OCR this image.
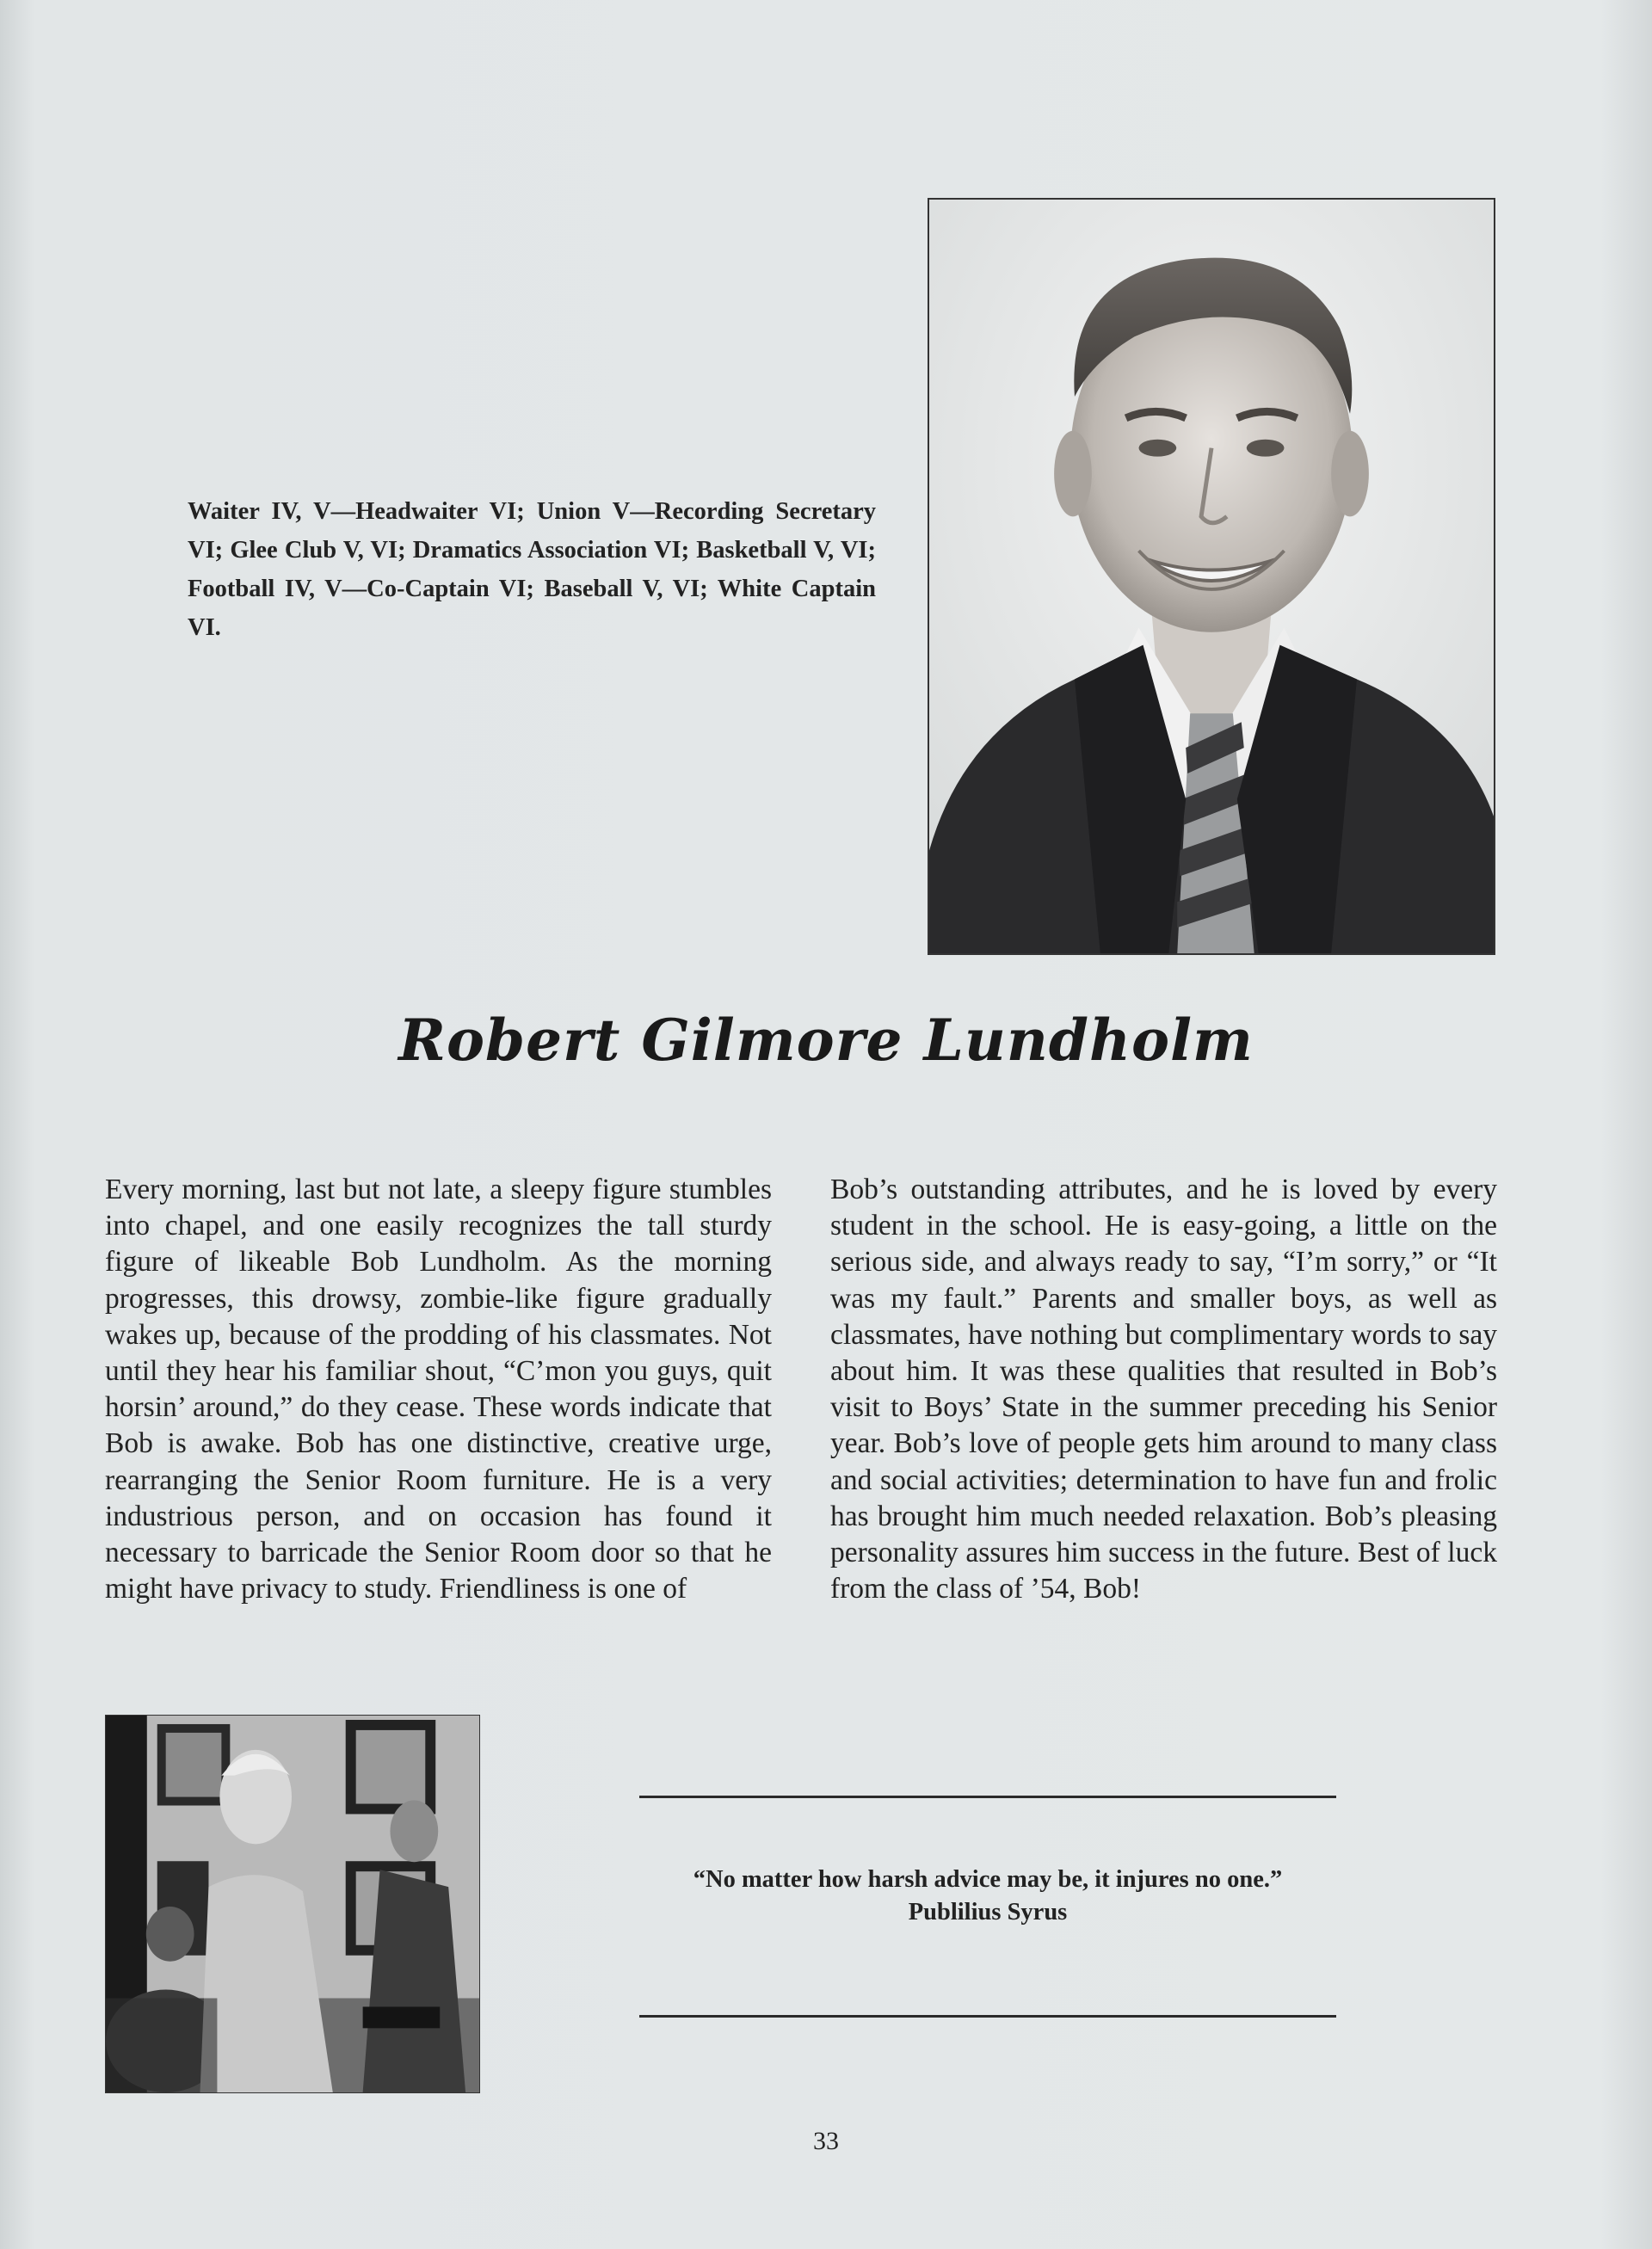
Waiter IV, V—Headwaiter VI; Union V—Recording Secretary VI; Glee Club V, VI; Dramatics Association VI; Basketball V, VI; Football IV, V—Co-Captain VI; Baseball V, VI; White Captain VI.
Robert Gilmore Lundholm

Every morning, last but not late, a sleepy figure stumbles into chapel, and one easily recognizes the tall sturdy figure of likeable Bob Lundholm. As the morning progresses, this drowsy, zombie-like figure gradually wakes up, because of the prodding of his classmates. Not until they hear his familiar shout, “C’mon you guys, quit horsin’ around,” do they cease. These words indicate that Bob is awake. Bob has one distinctive, creative urge, rearranging the Senior Room furniture. He is a very industrious person, and on occasion has found it necessary to barricade the Senior Room door so that he might have privacy to study. Friendliness is one of

Bob’s outstanding attributes, and he is loved by every student in the school. He is easy-going, a little on the serious side, and always ready to say, “I’m sorry,” or “It was my fault.” Parents and smaller boys, as well as classmates, have nothing but complimentary words to say about him. It was these qualities that resulted in Bob’s visit to Boys’ State in the summer preceding his Senior year. Bob’s love of people gets him around to many class and social activities; determination to have fun and frolic has brought him much needed relaxation. Bob’s pleasing personality assures him success in the future. Best of luck from the class of ’54, Bob!

“No matter how harsh advice may be, it injures no one.”
Publilius Syrus
33
